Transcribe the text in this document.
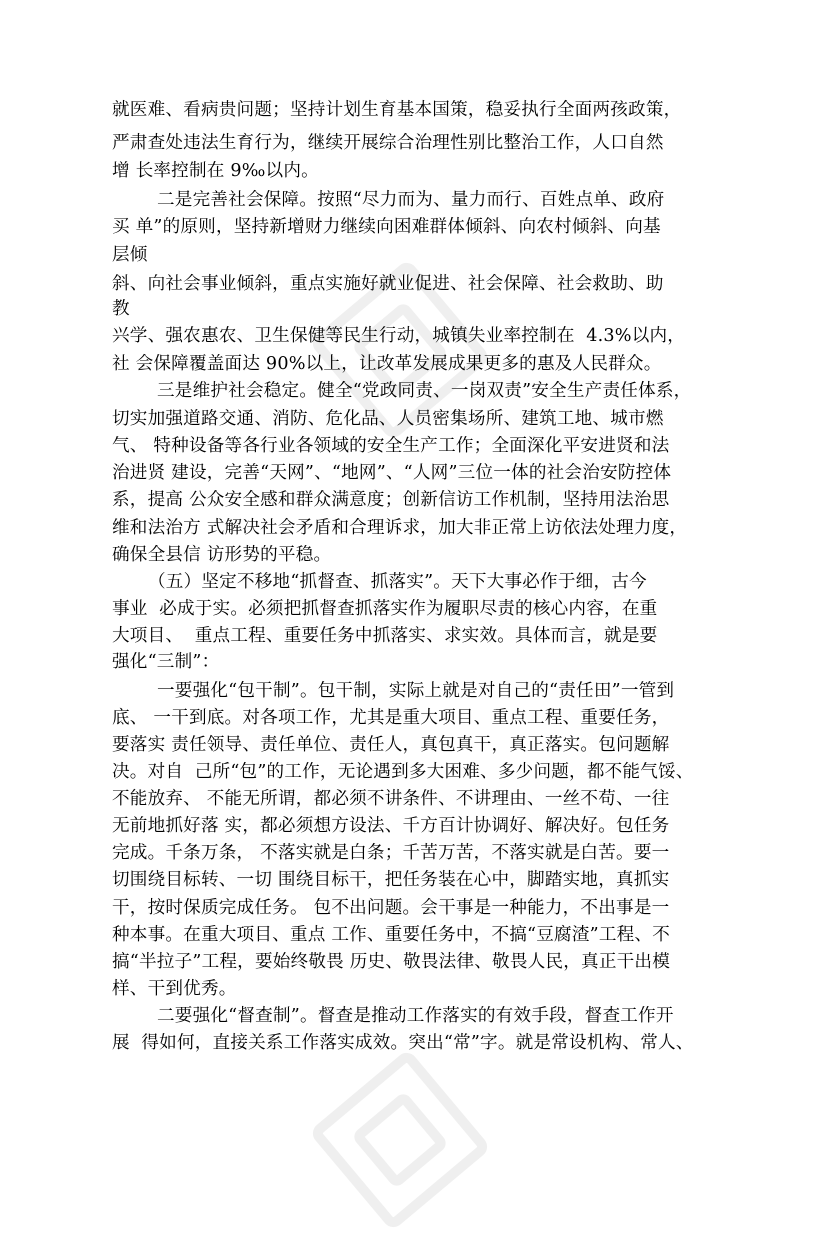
就医难、看病贵问题；坚持计划生育基本国策，稳妥执行全面两孩政策，
严肃查处违法生育行为，继续开展综合治理性别比整治工作，人口自然
增 长率控制在 9‰以内。
二是完善社会保障。按照“尽力而为、量力而行、百姓点单、政府
买 单”的原则，坚持新增财力继续向困难群体倾斜、向农村倾斜、向基
层倾
斜、向社会事业倾斜，重点实施好就业促进、社会保障、社会救助、助
教
兴学、强农惠农、卫生保健等民生行动，城镇失业率控制在  4.3%以内，
社 会保障覆盖面达 90%以上，让改革发展成果更多的惠及人民群众。
三是维护社会稳定。健全“党政同责、一岗双责”安全生产责任体系，
切实加强道路交通、消防、危化品、人员密集场所、建筑工地、城市燃
气、 特种设备等各行业各领域的安全生产工作；全面深化平安进贤和法
治进贤 建设，完善“天网”、“地网”、“人网”三位一体的社会治安防控体
系，提高 公众安全感和群众满意度；创新信访工作机制，坚持用法治思
维和法治方 式解决社会矛盾和合理诉求，加大非正常上访依法处理力度，
确保全县信 访形势的平稳。
（五）坚定不移地“抓督查、抓落实”。天下大事必作于细，古今
事业  必成于实。必须把抓督查抓落实作为履职尽责的核心内容，在重
大项目、  重点工程、重要任务中抓落实、求实效。具体而言，就是要
强化“三制”：
一要强化“包干制”。包干制，实际上就是对自己的“责任田”一管到
底、 一干到底。对各项工作，尤其是重大项目、重点工程、重要任务，
要落实 责任领导、责任单位、责任人，真包真干，真正落实。包问题解
决。对自  己所“包”的工作，无论遇到多大困难、多少问题，都不能气馁、
不能放弃、 不能无所谓，都必须不讲条件、不讲理由、一丝不苟、一往
无前地抓好落 实，都必须想方设法、千方百计协调好、解决好。包任务
完成。千条万条， 不落实就是白条；千苦万苦，不落实就是白苦。要一
切围绕目标转、一切 围绕目标干，把任务装在心中，脚踏实地，真抓实
干，按时保质完成任务。 包不出问题。会干事是一种能力，不出事是一
种本事。在重大项目、重点 工作、重要任务中，不搞“豆腐渣”工程、不
搞“半拉子”工程，要始终敬畏 历史、敬畏法律、敬畏人民，真正干出模
样、干到优秀。
二要强化“督查制”。督查是推动工作落实的有效手段，督查工作开
展  得如何，直接关系工作落实成效。突出“常”字。就是常设机构、常人、
